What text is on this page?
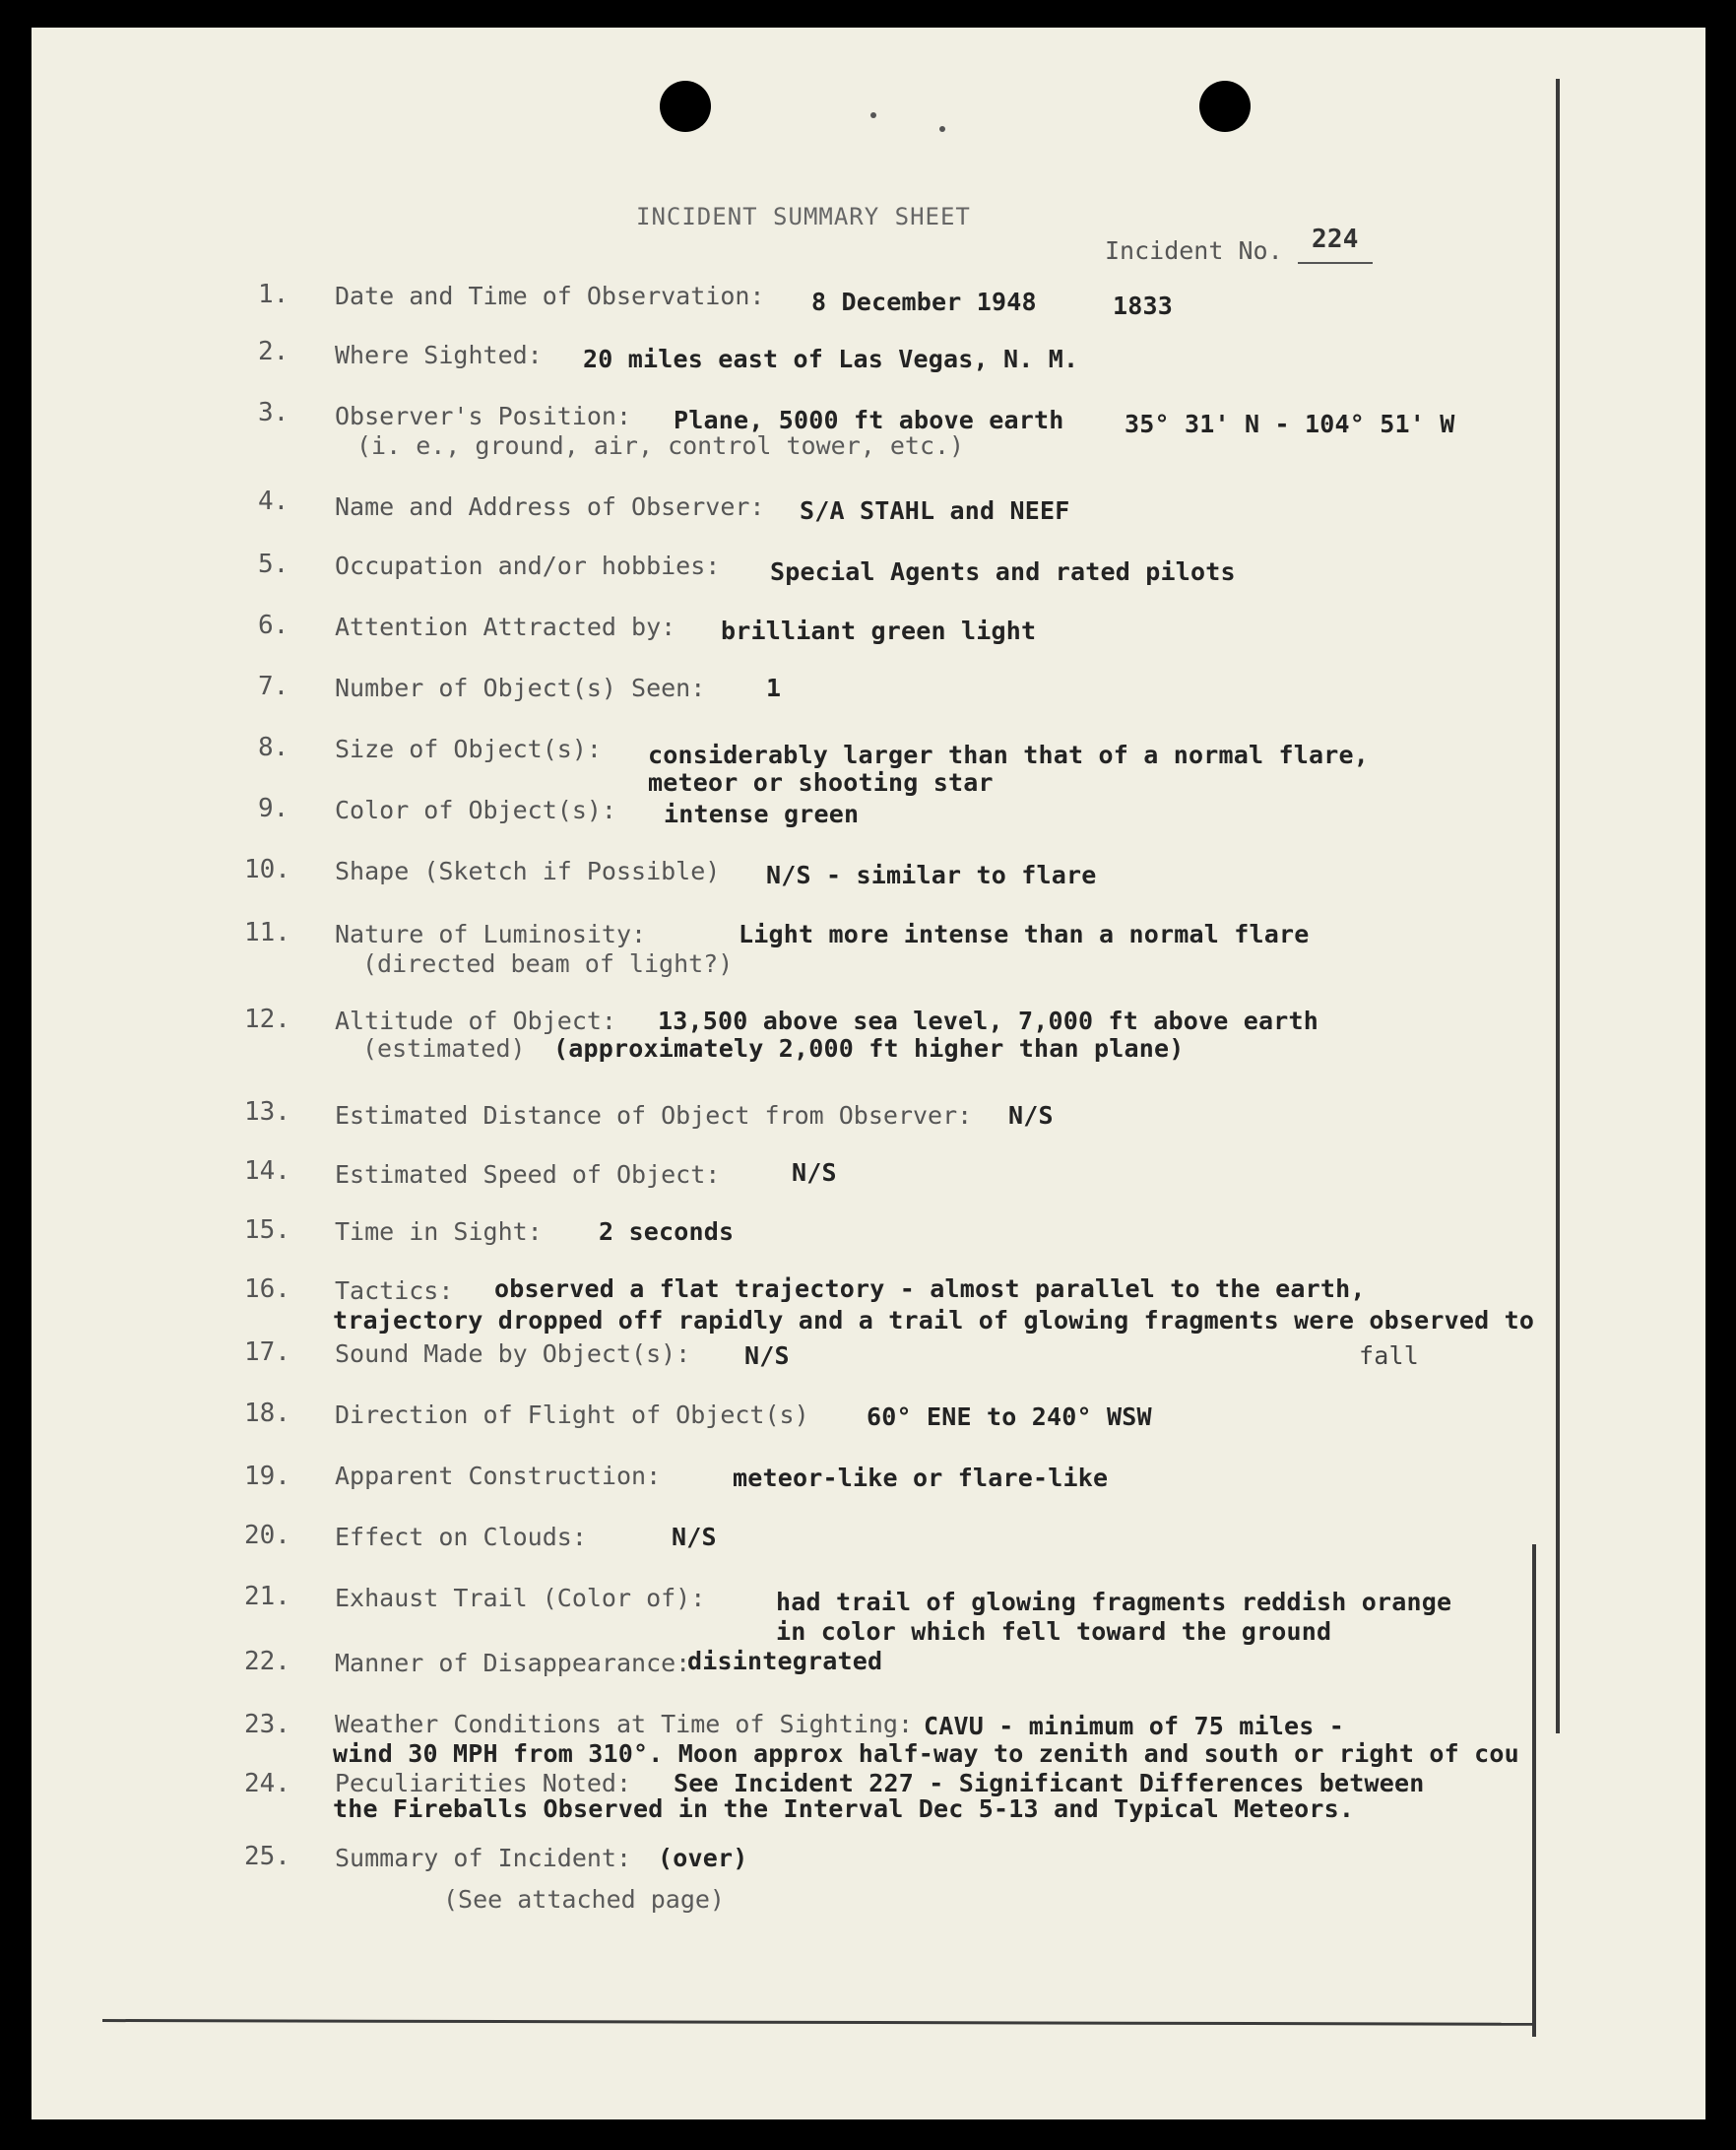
INCIDENT SUMMARY SHEET
Incident No. 224
1. Date and Time of Observation: 8 December 1948	1833
2. Where Sighted: 20 miles east of Las Vegas, N. M.
3. Observer's Position:
(i. e., ground, air, control tower, etc.)
Plane, 5000 ft above earth 35° 31' N - 104° 51' W
4. Name and Address of Observer: S/A STAHL and NEEF
5. Occupation and/or hobbies: Special Agents and rated pilots
6. Attention Attracted by: brilliant green light
7. Number of Object(s) Seen: 1
8. Size of Object(s): considerably larger than that of a normal flare,
meteor or shooting star
9. Color of Object(s): intense green
10. Shape (Sketch if Possible) N/S - similar to flare
11. Nature of Luminosity:
(directed beam of light?)
Light more intense than a normal flare
12. Altitude of Object:
(estimated)
13,500 above sea level, 7,000 ft above earth
(approximately 2,000 ft higher than plane)
13. Estimated Distance of Object from Observer: N/S
14. Estimated Speed of Object:	N/S
15. Time in Sight: 2 seconds
16. Tactics: observed a flat trajectory - almost parallel to the earth,
trajectory dropped off rapidly and a trail of glowing fragments were observed to
fall
17. Sound Made by Object(s): N/S
18. Direction of Flight of Object(s) 60° ENE to 240° WSW
19. Apparent Construction:	meteor-like or flare-like
20. Effect on Clouds:	N/S
21. Exhaust Trail (Color of):	had trail of glowing fragments reddish orange
in color which fell toward the ground
22. Manner of Disappearance:
disintegrated
23. Weather Conditions at Time of Sighting: CAVU - minimum of 75 miles -
wind 30 MPH from 310°. Moon approx half-way to zenith and south or right of cou
24. Peculiarities Noted: See Incident 227 - Significant Differences between
the Fireballs Observed in the Interval Dec 5-13 and Typical Meteors.
25. Summary of Incident: (over)
(See attached page)
